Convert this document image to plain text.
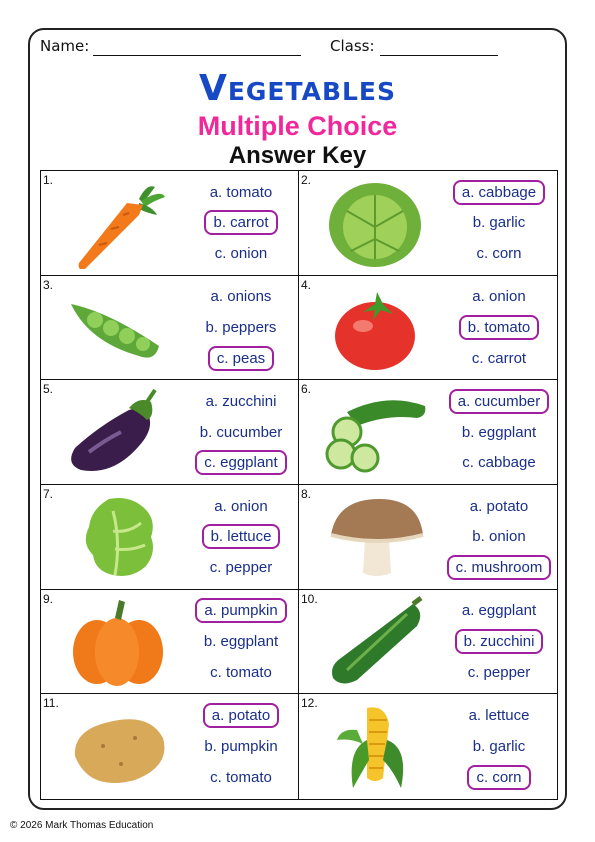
Name:	Class:
Vegetables
Multiple Choice
Answer Key
1.
a. tomato
b. carrot
c. onion
2.
a. cabbage
b. garlic
c. corn
3.
a. onions
b. peppers
c. peas
4.
a. onion
b. tomato
c. carrot
5.
a. zucchini
b. cucumber
c. eggplant
6.
a. cucumber
b. eggplant
c. cabbage
7.
a. onion
b. lettuce
c. pepper
8.
a. potato
b. onion
c. mushroom
9.
a. pumpkin
b. eggplant
c. tomato
10.
a. eggplant
b. zucchini
c. pepper
11.
a. potato
b. pumpkin
c. tomato
12.
a. lettuce
b. garlic
c. corn
© 2026 Mark Thomas Education
